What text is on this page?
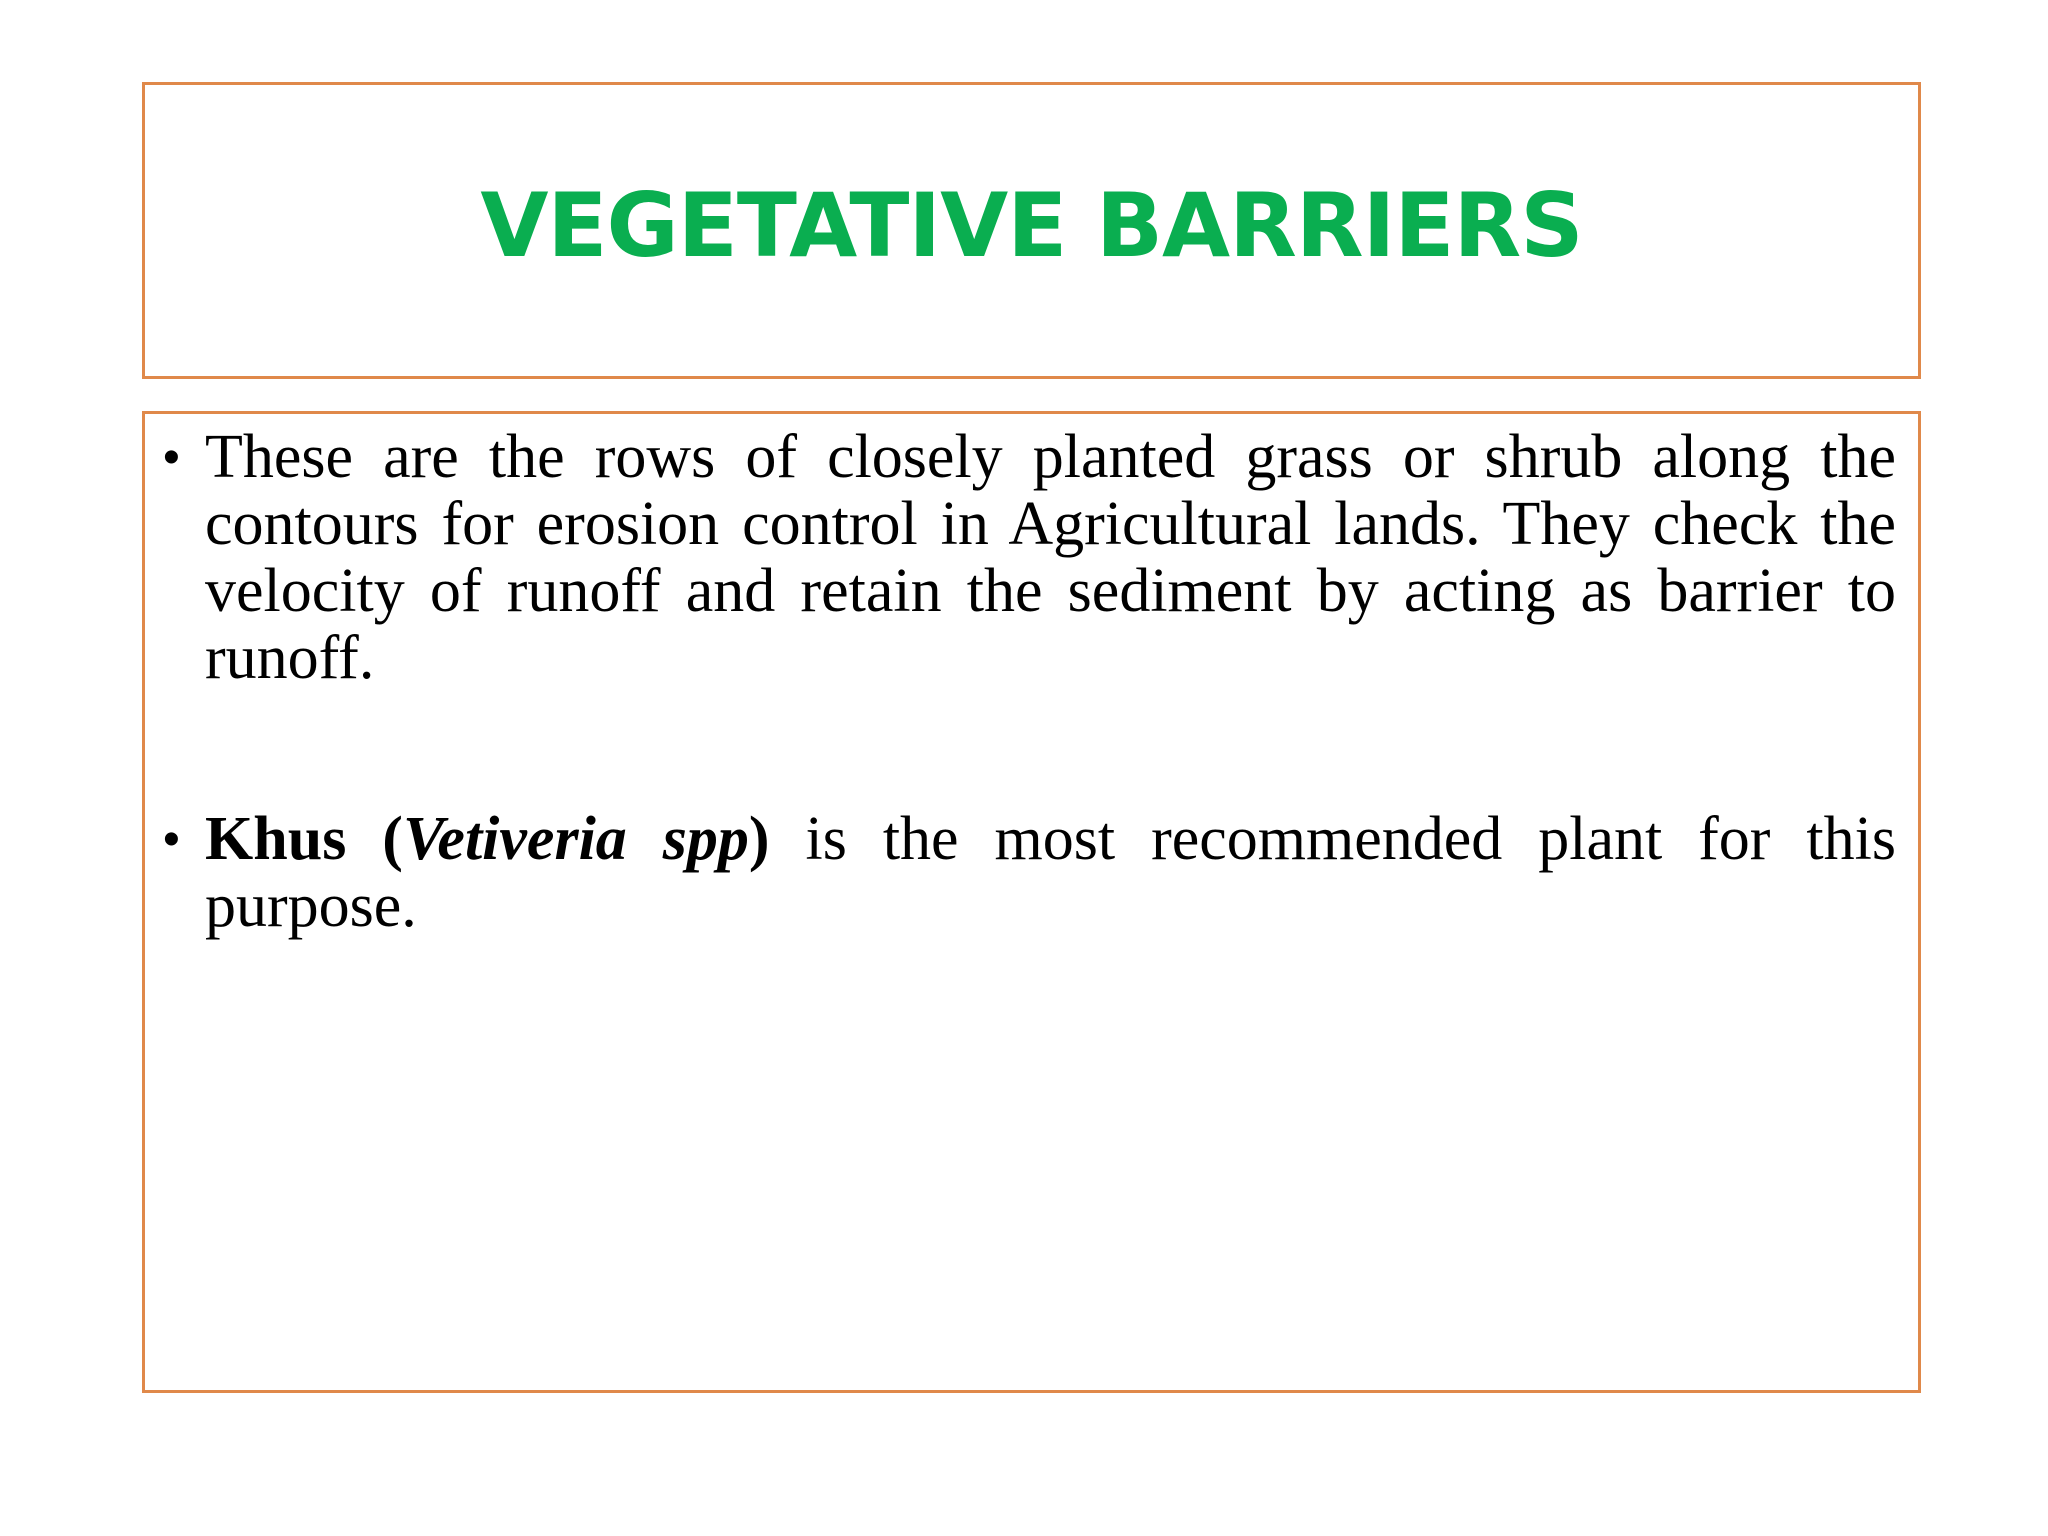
VEGETATIVE BARRIERS
• These are the rows of closely planted grass or shrub along the contours for erosion control in Agricultural lands. They check the velocity of runoff and retain the sediment by acting as barrier to runoff.
• Khus (Vetiveria spp) is the most recommended plant for this purpose.
